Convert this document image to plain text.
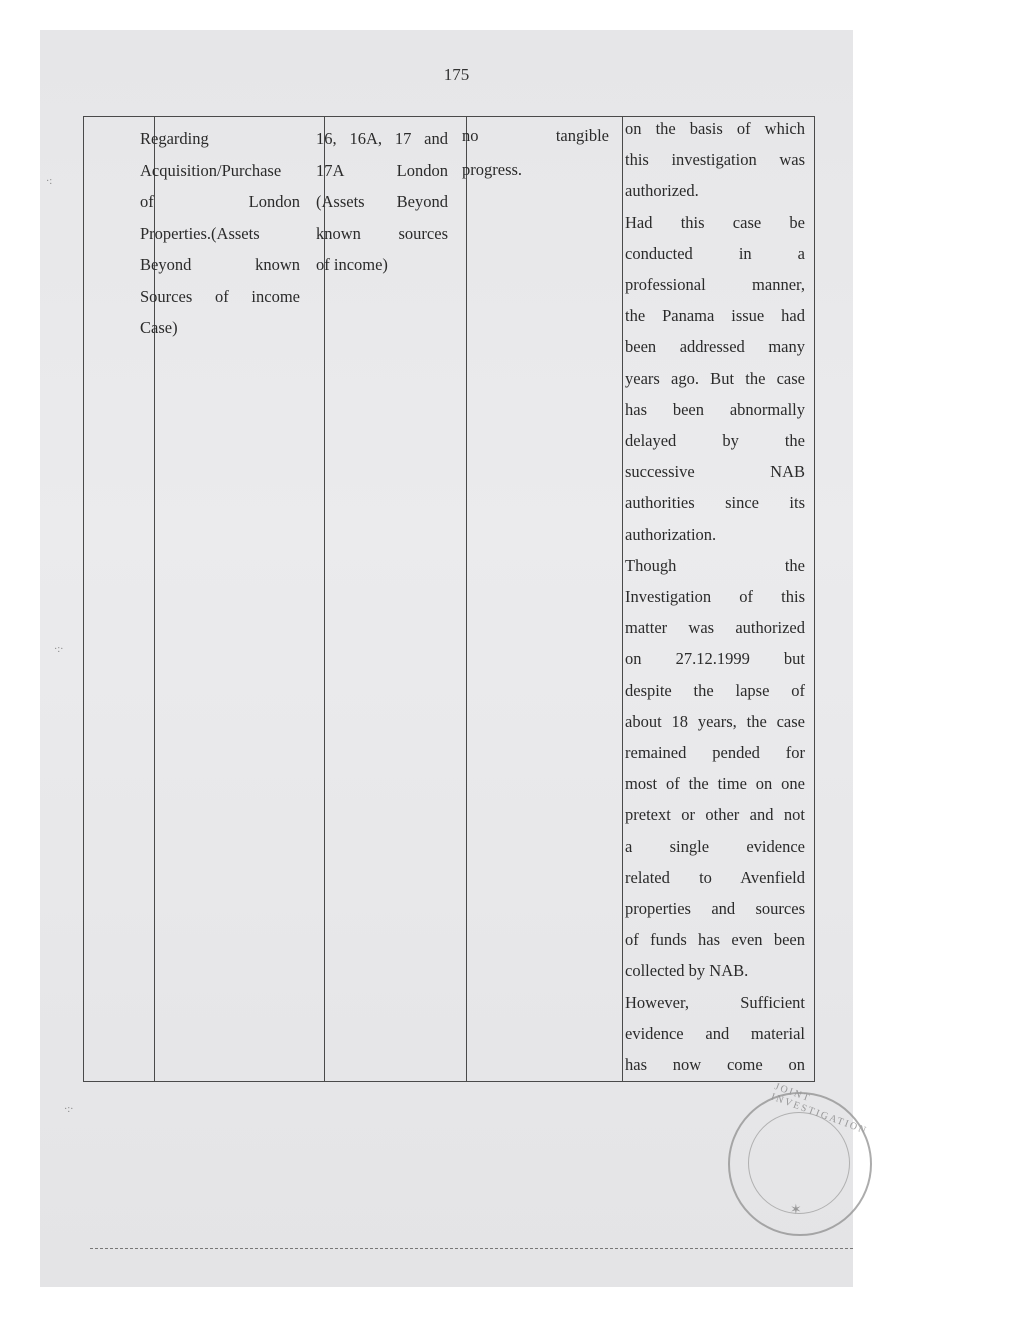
175
Regarding
Acquisition/Purchase
of London
Properties.(Assets
Beyond known
Sources of income
Case)
16, 16A, 17 and
17A London
(Assets Beyond
known sources
of income)
no tangible
progress.
on the basis of which
this investigation was
authorized.
Had this case be
conducted in a
professional manner,
the Panama issue had
been addressed many
years ago. But the case
has been abnormally
delayed by the
successive NAB
authorities since its
authorization.
Though the
Investigation of this
matter was authorized
on 27.12.1999 but
despite the lapse of
about 18 years, the case
remained pended for
most of the time on one
pretext or other and not
a single evidence
related to Avenfield
properties and sources
of funds has even been
collected by NAB.
However, Sufficient
evidence and material
has now come on
JOINT INVESTIGATION
✶
·:
·:·
·:·
